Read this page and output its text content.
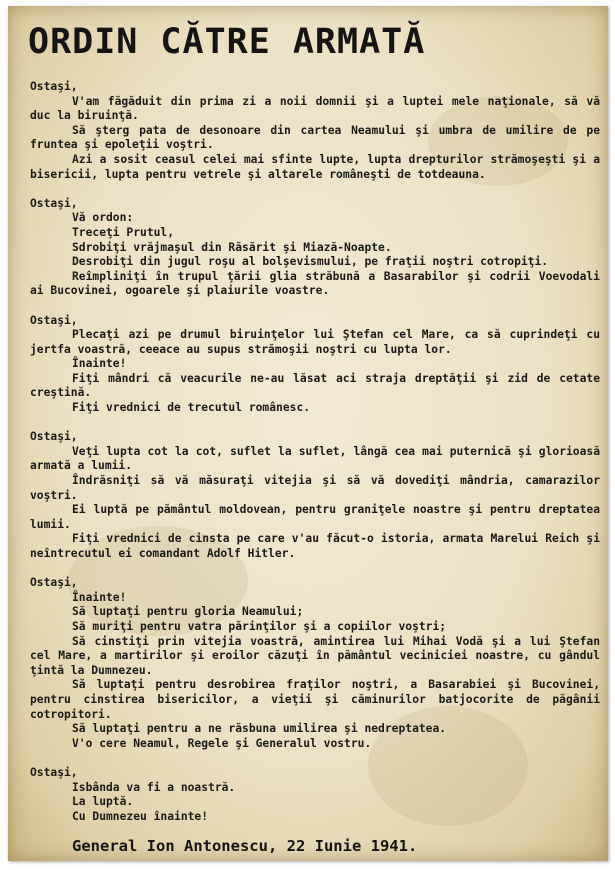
ORDIN CĂTRE ARMATĂ

Ostaşi,

V'am făgăduit din prima zi a noii domnii şi a luptei mele naţionale, să vă duc la biruinţă.

Să şterg pata de desonoare din cartea Neamului şi umbra de umilire de pe fruntea şi epoleţii voştri.

Azi a sosit ceasul celei mai sfinte lupte, lupta drepturilor strămoşeşti şi a bisericii, lupta pentru vetrele şi altarele româneşti de totdeauna.

Ostaşi,

Vă ordon:

Treceţi Prutul,

Sdrobiţi vrăjmaşul din Răsărit şi Miază-Noapte.

Desrobiţi din jugul roşu al bolşevismului, pe fraţii noştri cotropiţi.

Reîmpliniţi în trupul ţării glia străbună a Basarabilor şi codrii Voevodali ai Bucovinei, ogoarele şi plaiurile voastre.

Ostaşi,

Plecaţi azi pe drumul biruinţelor lui Ştefan cel Mare, ca să cuprindeţi cu jertfa voastră, ceeace au supus strămoşii noştri cu lupta lor.

Înainte!

Fiţi mândri că veacurile ne-au lăsat aci straja dreptăţii şi zid de cetate creştină.

Fiţi vrednici de trecutul românesc.

Ostaşi,

Veţi lupta cot la cot, suflet la suflet, lângă cea mai puternică şi glorioasă armată a lumii.

Îndrăsniţi să vă măsuraţi vitejia şi să vă dovediţi mândria, camarazilor voştri.

Ei luptă pe pământul moldovean, pentru graniţele noastre şi pentru dreptatea lumii.

Fiţi vrednici de cinsta pe care v'au făcut-o istoria, armata Marelui Reich şi neîntrecutul ei comandant Adolf Hitler.

Ostaşi,

Înainte!

Să luptaţi pentru gloria Neamului;

Să muriţi pentru vatra părinţilor şi a copiilor voştri;

Să cinstiţi prin vitejia voastră, amintirea lui Mihai Vodă şi a lui Ştefan cel Mare, a martirilor şi eroilor căzuţi în pământul veciniciei noastre, cu gândul ţintă la Dumnezeu.

Să luptaţi pentru desrobirea fraţilor noştri, a Basarabiei şi Bucovinei, pentru cinstirea bisericilor, a vieţii şi căminurilor batjocorite de păgânii cotropitori.

Să luptaţi pentru a ne răsbuna umilirea şi nedreptatea.

V'o cere Neamul, Regele şi Generalul vostru.

Ostaşi,

Isbânda va fi a noastră.

La luptă.

Cu Dumnezeu înainte!

General Ion Antonescu, 22 Iunie 1941.
